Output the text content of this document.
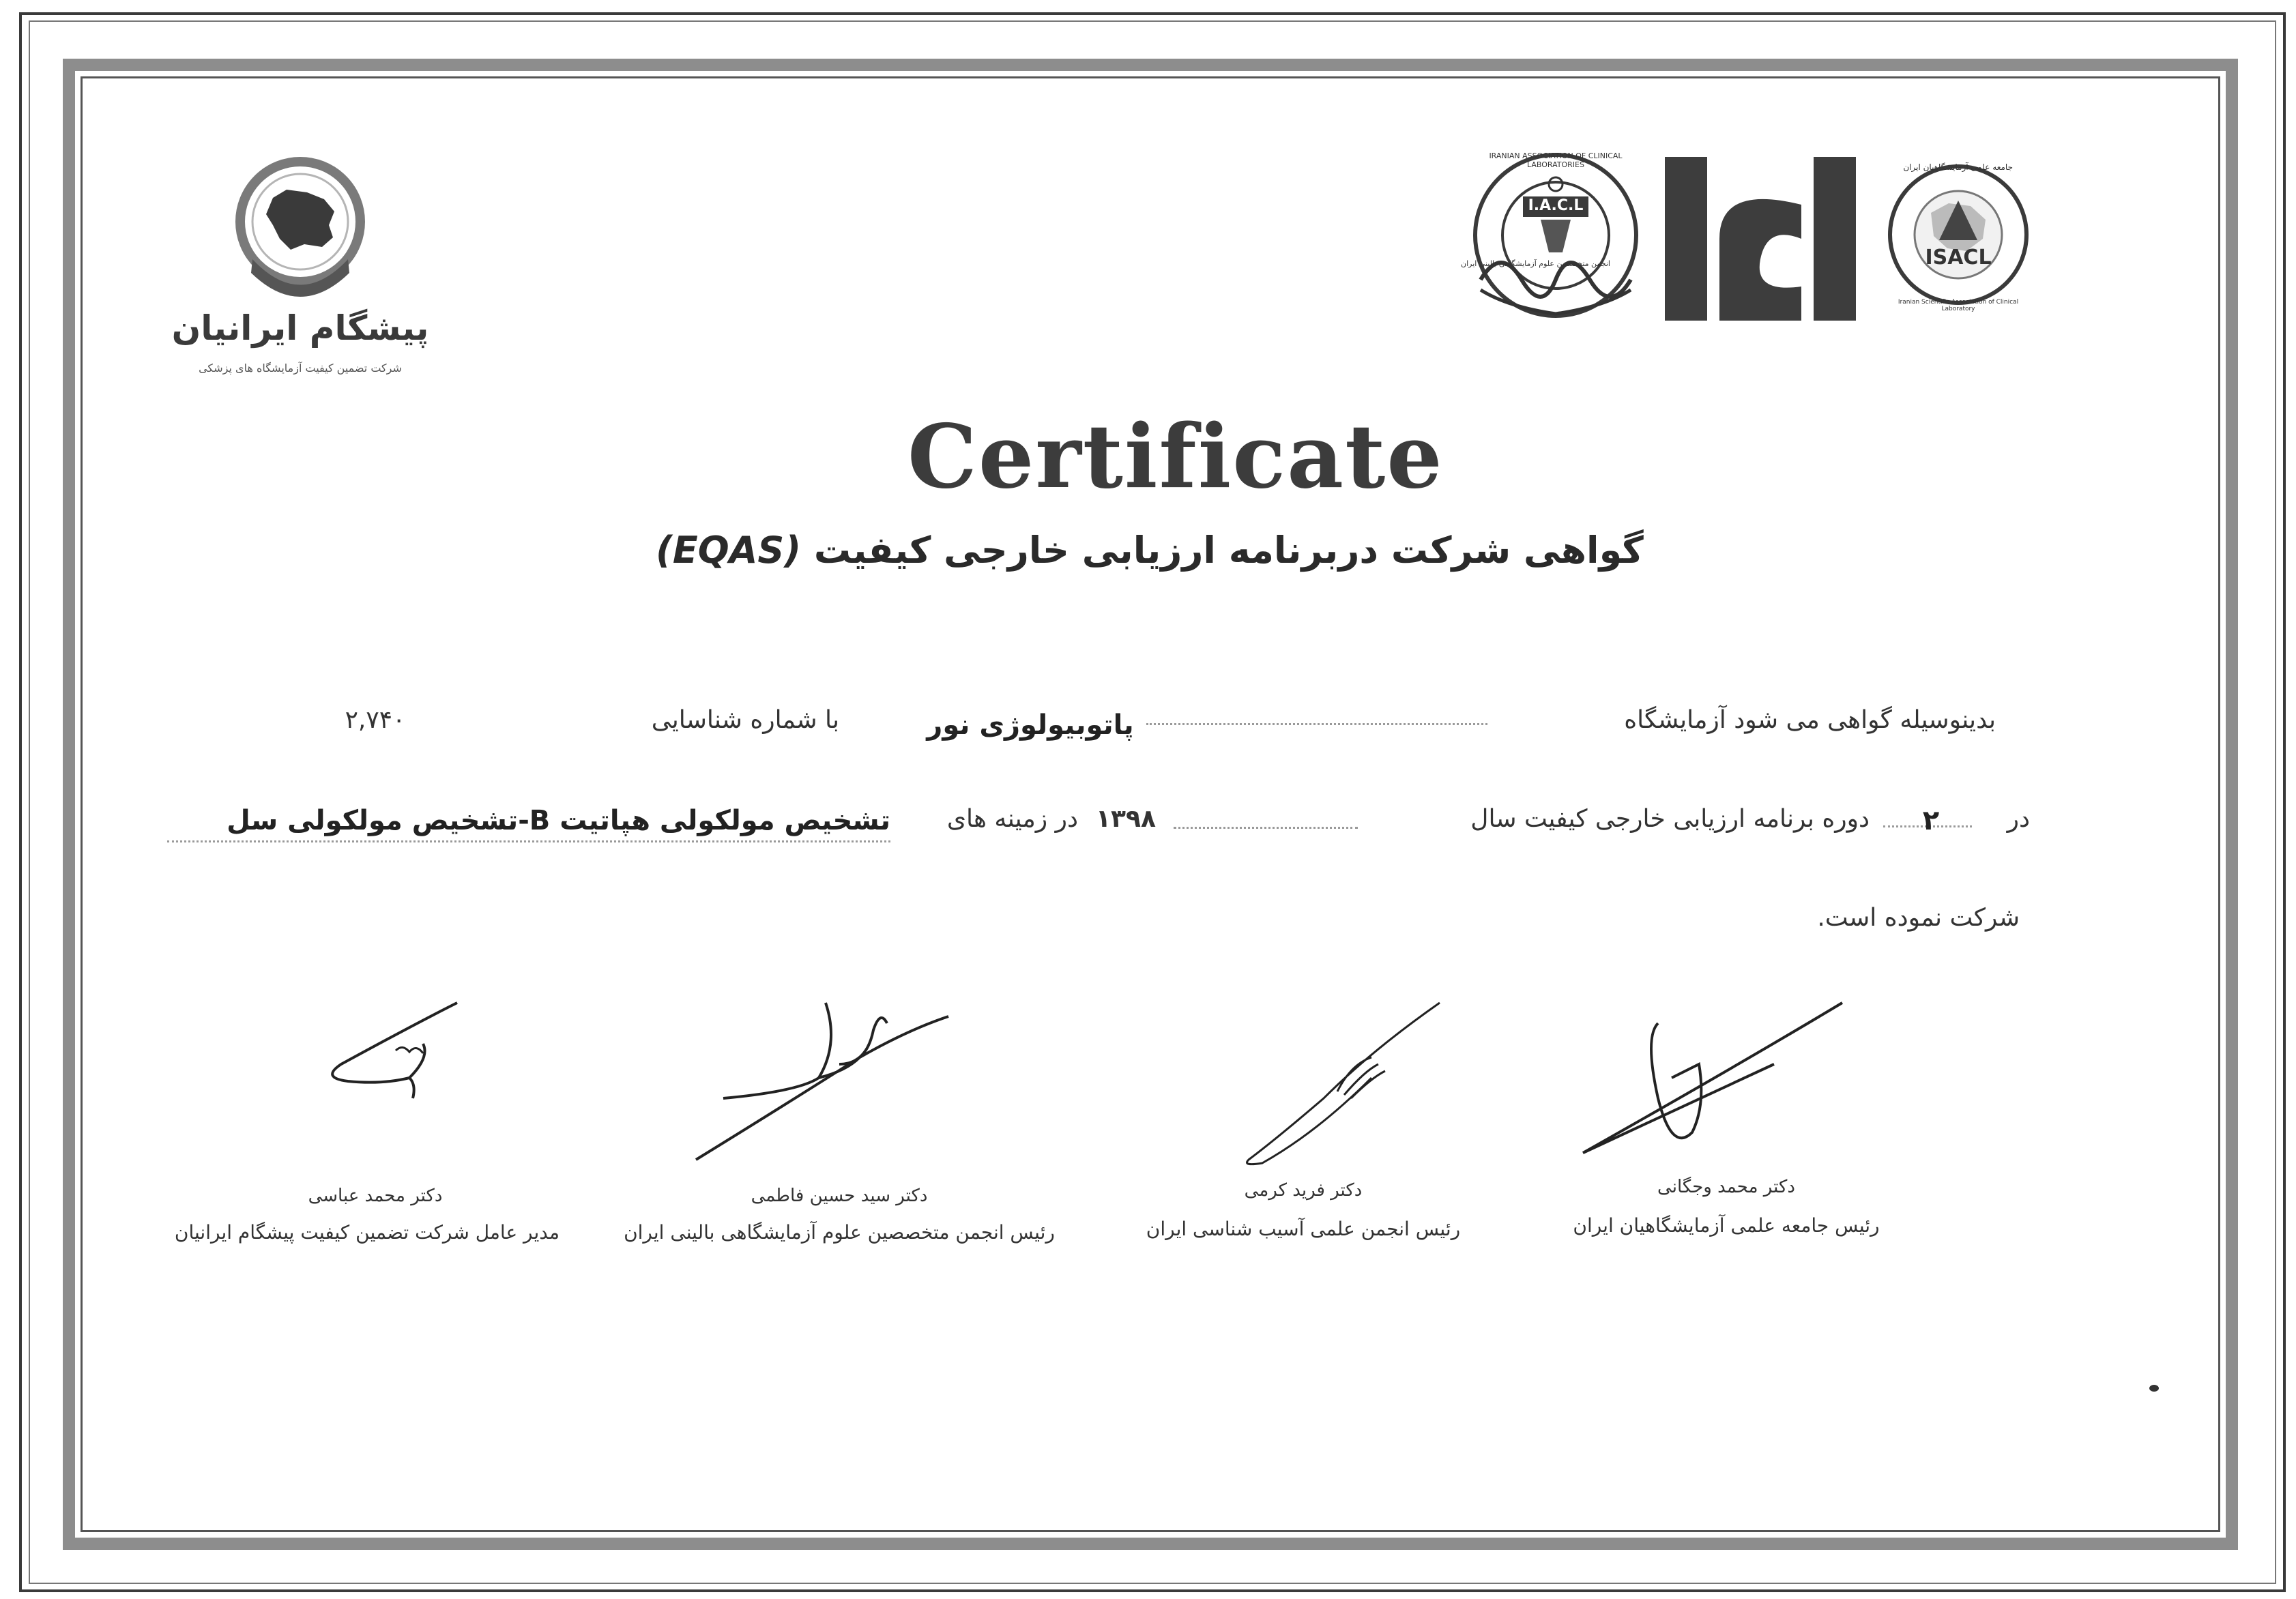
پیشگام ایرانیان
شرکت تضمین کیفیت آزمایشگاه های پزشکی
I.A.C.L
IRANIAN ASSOCIATION OF CLINICAL LABORATORIES
انجمن متخصصین علوم آزمایشگاهی بالینی ایران
ایپا
ISACL
جامعه علمی آزمایشگاهیان ایران
Iranian Scientific Association of Clinical Laboratory
Certificate
گواهی شرکت دربرنامه ارزیابی خارجی کیفیت (EQAS)
بدینوسیله گواهی می شود آزمایشگاه
پاتوبیولوژی نور
با شماره شناسایی
۲,۷۴۰
در
۲
دوره برنامه ارزیابی خارجی کیفیت سال
۱۳۹۸
در زمینه های
تشخیص مولکولی هپاتیت B-تشخیص مولکولی سل
شرکت نموده است.
دکتر محمد عباسی
مدیر عامل شرکت تضمین کیفیت پیشگام ایرانیان
دکتر سید حسین فاطمی
رئیس انجمن متخصصین علوم آزمایشگاهی بالینی ایران
دکتر فرید کرمی
رئیس انجمن علمی آسیب شناسی ایران
دکتر محمد وجگانی
رئیس جامعه علمی آزمایشگاهیان ایران
